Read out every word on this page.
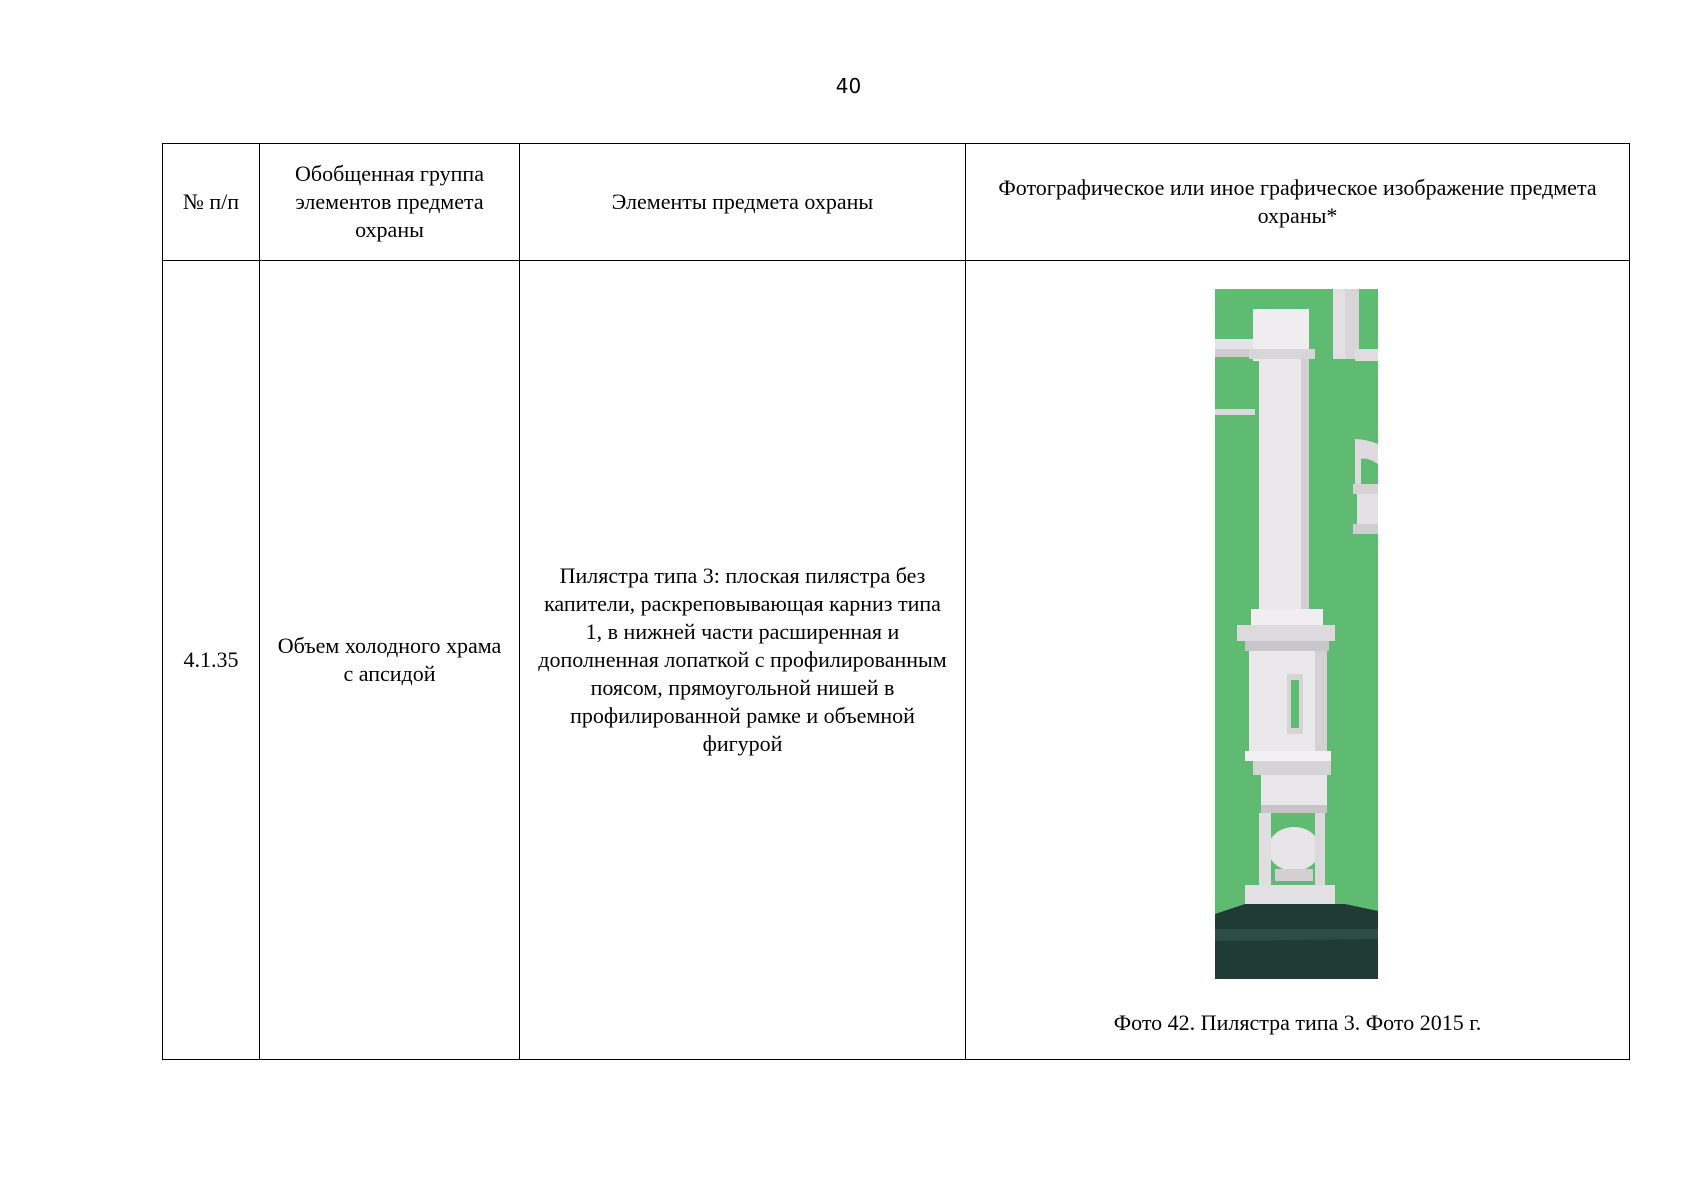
40
№ п/п	Обобщенная группа элементов предмета охраны	Элементы предмета охраны	Фотографическое или иное графическое изображение предмета охраны*
4.1.35	Объем холодного храма с апсидой	Пилястра типа 3: плоская пилястра без капители, раскреповывающая карниз типа 1, в нижней части расширенная и дополненная лопаткой с профилированным поясом, прямоугольной нишей в профилированной рамке и объемной фигурой	Фото 42. Пилястра типа 3. Фото 2015 г.
